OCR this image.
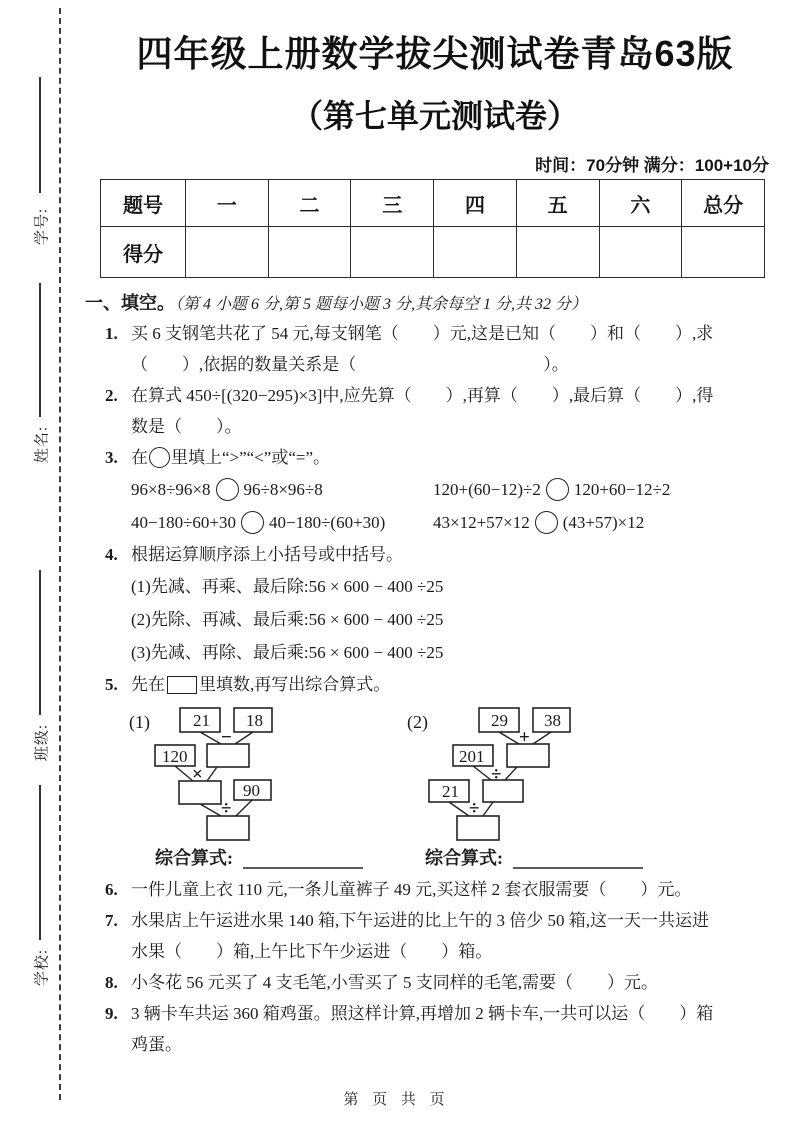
学号:
姓名:
班级:
学校:
四年级上册数学拔尖测试卷青岛63版
（第七单元测试卷）
时间：70分钟 满分：100+10分
题号	一	二	三	四	五	六	总分
得分							
一、填空。（第 4 小题 6 分,第 5 题每小题 3 分,其余每空 1 分,共 32 分）
1. 买 6 支钢笔共花了 54 元,每支钢笔（　　）元,这是已知（　　）和（　　）,求
（　　）,依据的数量关系是（　　　　　　　　　　　）。
2. 在算式 450÷[(320−295)×3]中,应先算（　　）,再算（　　）,最后算（　　）,得
数是（　　）。
3. 在 里填上“>”“<”或“=”。
96×8÷96×8 96÷8×96÷8	120+(60−12)÷2 120+60−12÷2
40−180÷60+30 40−180÷(60+30)	43×12+57×12 (43+57)×12
4. 根据运算顺序添上小括号或中括号。
(1)先减、再乘、最后除:56 × 600 − 400 ÷25
(2)先除、再减、最后乘:56 × 600 − 400 ÷25
(3)先减、再除、最后乘:56 × 600 − 400 ÷25
5. 先在 里填数,再写出综合算式。
(1)	21 18
−
120
×
90
÷
综合算式:
(2)	29 38
+
201
÷
21
÷
综合算式:
6. 一件儿童上衣 110 元,一条儿童裤子 49 元,买这样 2 套衣服需要（　　）元。
7. 水果店上午运进水果 140 箱,下午运进的比上午的 3 倍少 50 箱,这一天一共运进
水果（　　）箱,上午比下午少运进（　　）箱。
8. 小冬花 56 元买了 4 支毛笔,小雪买了 5 支同样的毛笔,需要（　　）元。
9. 3 辆卡车共运 360 箱鸡蛋。照这样计算,再增加 2 辆卡车,一共可以运（　　）箱
鸡蛋。
第 页 共 页
